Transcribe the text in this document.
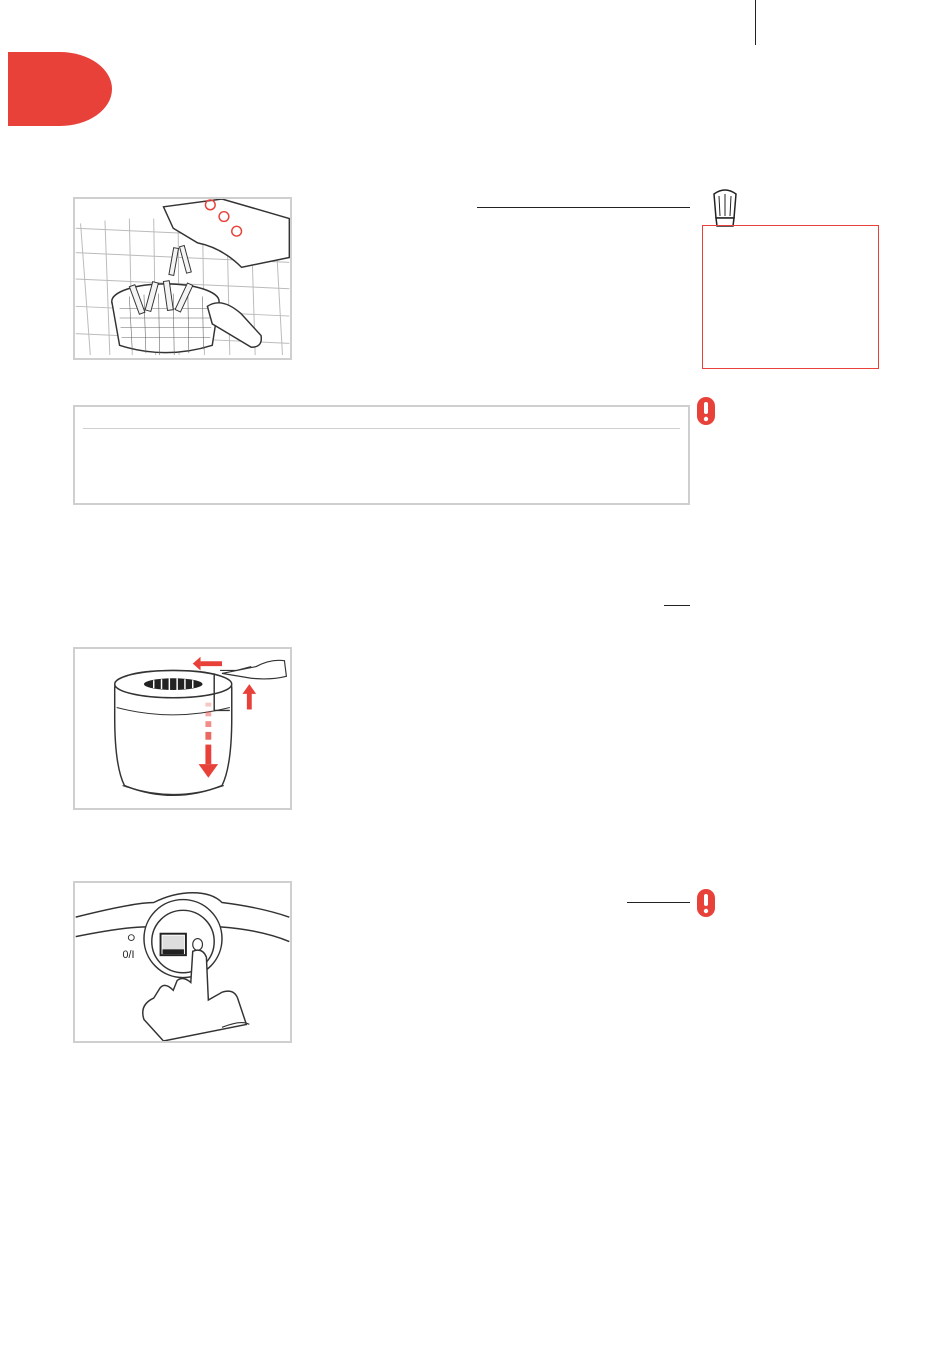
0/I
